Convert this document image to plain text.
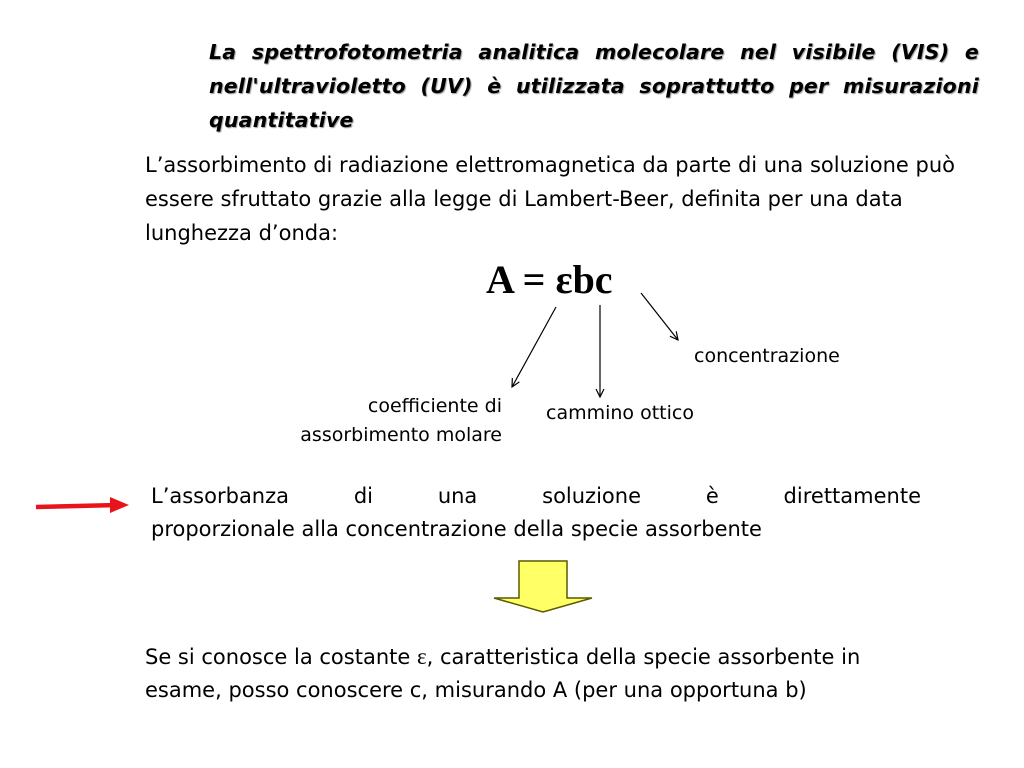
La spettrofotometria analitica molecolare nel visibile (VIS) e nell'ultravioletto (UV) è utilizzata soprattutto per misurazioni quantitative
L’assorbimento di radiazione elettromagnetica da parte di una soluzione può essere sfruttato grazie alla legge di Lambert-Beer, definita per una data lunghezza d’onda:
A = εbc
concentrazione
coefficiente di
assorbimento molare
cammino ottico
L’assorbanza di una soluzione è direttamente
proporzionale alla concentrazione della specie assorbente
Se si conosce la costante ε, caratteristica della specie assorbente in esame, posso conoscere c, misurando A (per una opportuna b)
